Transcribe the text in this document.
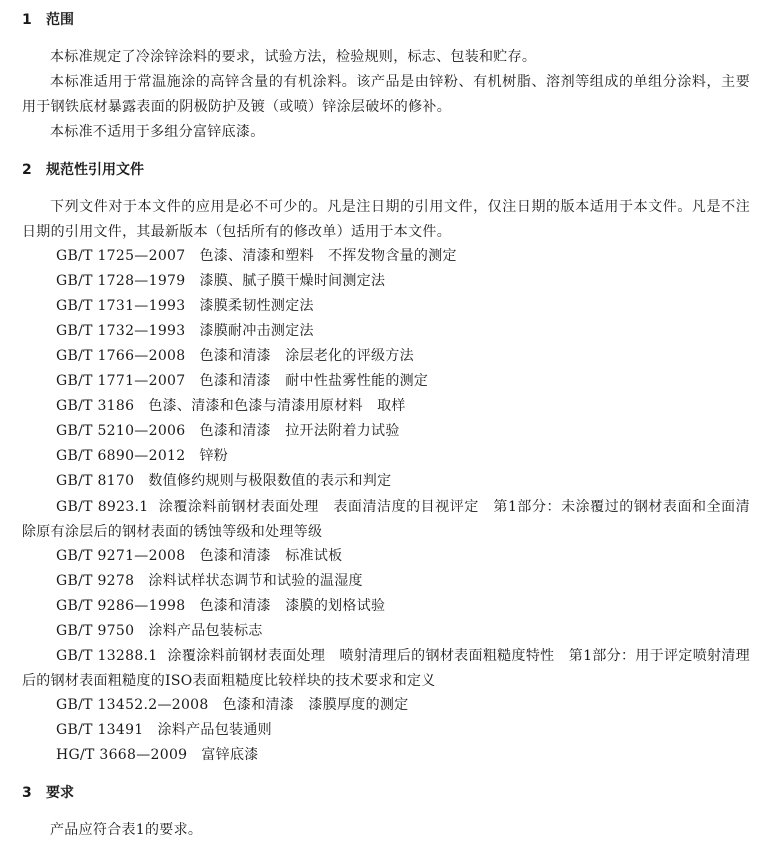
1 范围
本标准规定了冷涂锌涂料的要求，试验方法，检验规则，标志、包装和贮存。
本标准适用于常温施涂的高锌含量的有机涂料。该产品是由锌粉、有机树脂、溶剂等组成的单组分涂料，主要用于钢铁底材暴露表面的阴极防护及镀（或喷）锌涂层破坏的修补。
本标准不适用于多组分富锌底漆。
2 规范性引用文件
下列文件对于本文件的应用是必不可少的。凡是注日期的引用文件，仅注日期的版本适用于本文件。凡是不注日期的引用文件，其最新版本（包括所有的修改单）适用于本文件。
GB/T 1725—2007 色漆、清漆和塑料　不挥发物含量的测定
GB/T 1728—1979 漆膜、腻子膜干燥时间测定法
GB/T 1731—1993 漆膜柔韧性测定法
GB/T 1732—1993 漆膜耐冲击测定法
GB/T 1766—2008 色漆和清漆　涂层老化的评级方法
GB/T 1771—2007 色漆和清漆　耐中性盐雾性能的测定
GB/T 3186 色漆、清漆和色漆与清漆用原材料　取样
GB/T 5210—2006 色漆和清漆　拉开法附着力试验
GB/T 6890—2012 锌粉
GB/T 8170 数值修约规则与极限数值的表示和判定
GB/T 8923.1 涂覆涂料前钢材表面处理　表面清洁度的目视评定　第1部分：未涂覆过的钢材表面和全面清除原有涂层后的钢材表面的锈蚀等级和处理等级
GB/T 9271—2008 色漆和清漆　标准试板
GB/T 9278 涂料试样状态调节和试验的温湿度
GB/T 9286—1998 色漆和清漆　漆膜的划格试验
GB/T 9750 涂料产品包装标志
GB/T 13288.1 涂覆涂料前钢材表面处理　喷射清理后的钢材表面粗糙度特性　第1部分：用于评定喷射清理后的钢材表面粗糙度的ISO表面粗糙度比较样块的技术要求和定义
GB/T 13452.2—2008 色漆和清漆　漆膜厚度的测定
GB/T 13491 涂料产品包装通则
HG/T 3668—2009 富锌底漆
3 要求
产品应符合表1的要求。
